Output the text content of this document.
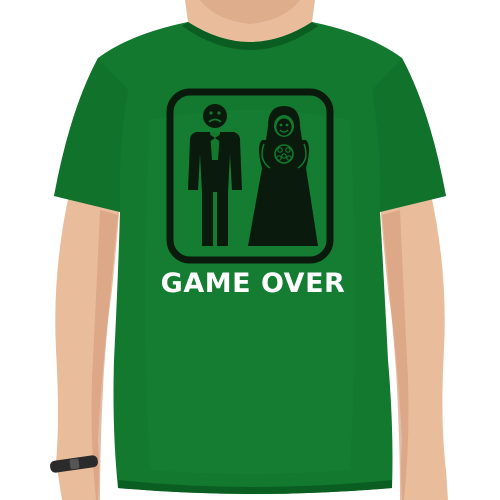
GAME OVER
